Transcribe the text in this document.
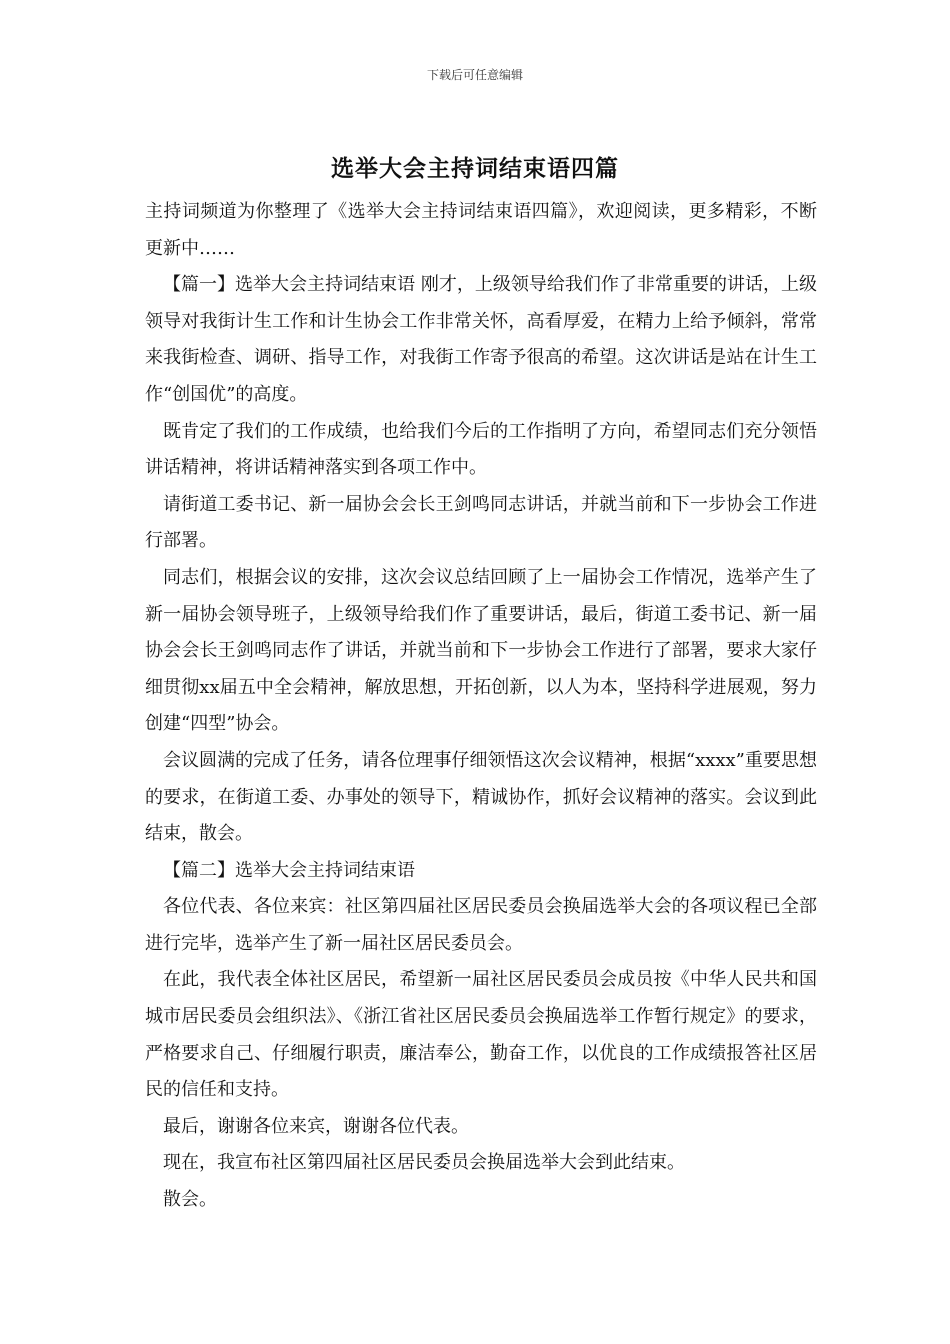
下载后可任意编辑
选举大会主持词结束语四篇

主持词频道为你整理了《选举大会主持词结束语四篇》，欢迎阅读，更多精彩，不断更新中……

【篇一】选举大会主持词结束语 刚才，上级领导给我们作了非常重要的讲话，上级领导对我街计生工作和计生协会工作非常关怀，高看厚爱，在精力上给予倾斜，常常来我街检查、调研、指导工作，对我街工作寄予很高的希望。这次讲话是站在计生工作“创国优”的高度。

既肯定了我们的工作成绩，也给我们今后的工作指明了方向，希望同志们充分领悟讲话精神，将讲话精神落实到各项工作中。

请街道工委书记、新一届协会会长王剑鸣同志讲话，并就当前和下一步协会工作进行部署。

同志们，根据会议的安排，这次会议总结回顾了上一届协会工作情况，选举产生了新一届协会领导班子，上级领导给我们作了重要讲话，最后，街道工委书记、新一届协会会长王剑鸣同志作了讲话，并就当前和下一步协会工作进行了部署，要求大家仔细贯彻xx届五中全会精神，解放思想，开拓创新，以人为本，坚持科学进展观，努力创建“四型”协会。

会议圆满的完成了任务，请各位理事仔细领悟这次会议精神，根据“xxxx”重要思想的要求，在街道工委、办事处的领导下，精诚协作，抓好会议精神的落实。会议到此结束，散会。

【篇二】选举大会主持词结束语

各位代表、各位来宾：社区第四届社区居民委员会换届选举大会的各项议程已全部进行完毕，选举产生了新一届社区居民委员会。

在此，我代表全体社区居民，希望新一届社区居民委员会成员按《中华人民共和国城市居民委员会组织法》、《浙江省社区居民委员会换届选举工作暂行规定》的要求，严格要求自己、仔细履行职责，廉洁奉公，勤奋工作，以优良的工作成绩报答社区居民的信任和支持。

最后，谢谢各位来宾，谢谢各位代表。

现在，我宣布社区第四届社区居民委员会换届选举大会到此结束。

散会。
